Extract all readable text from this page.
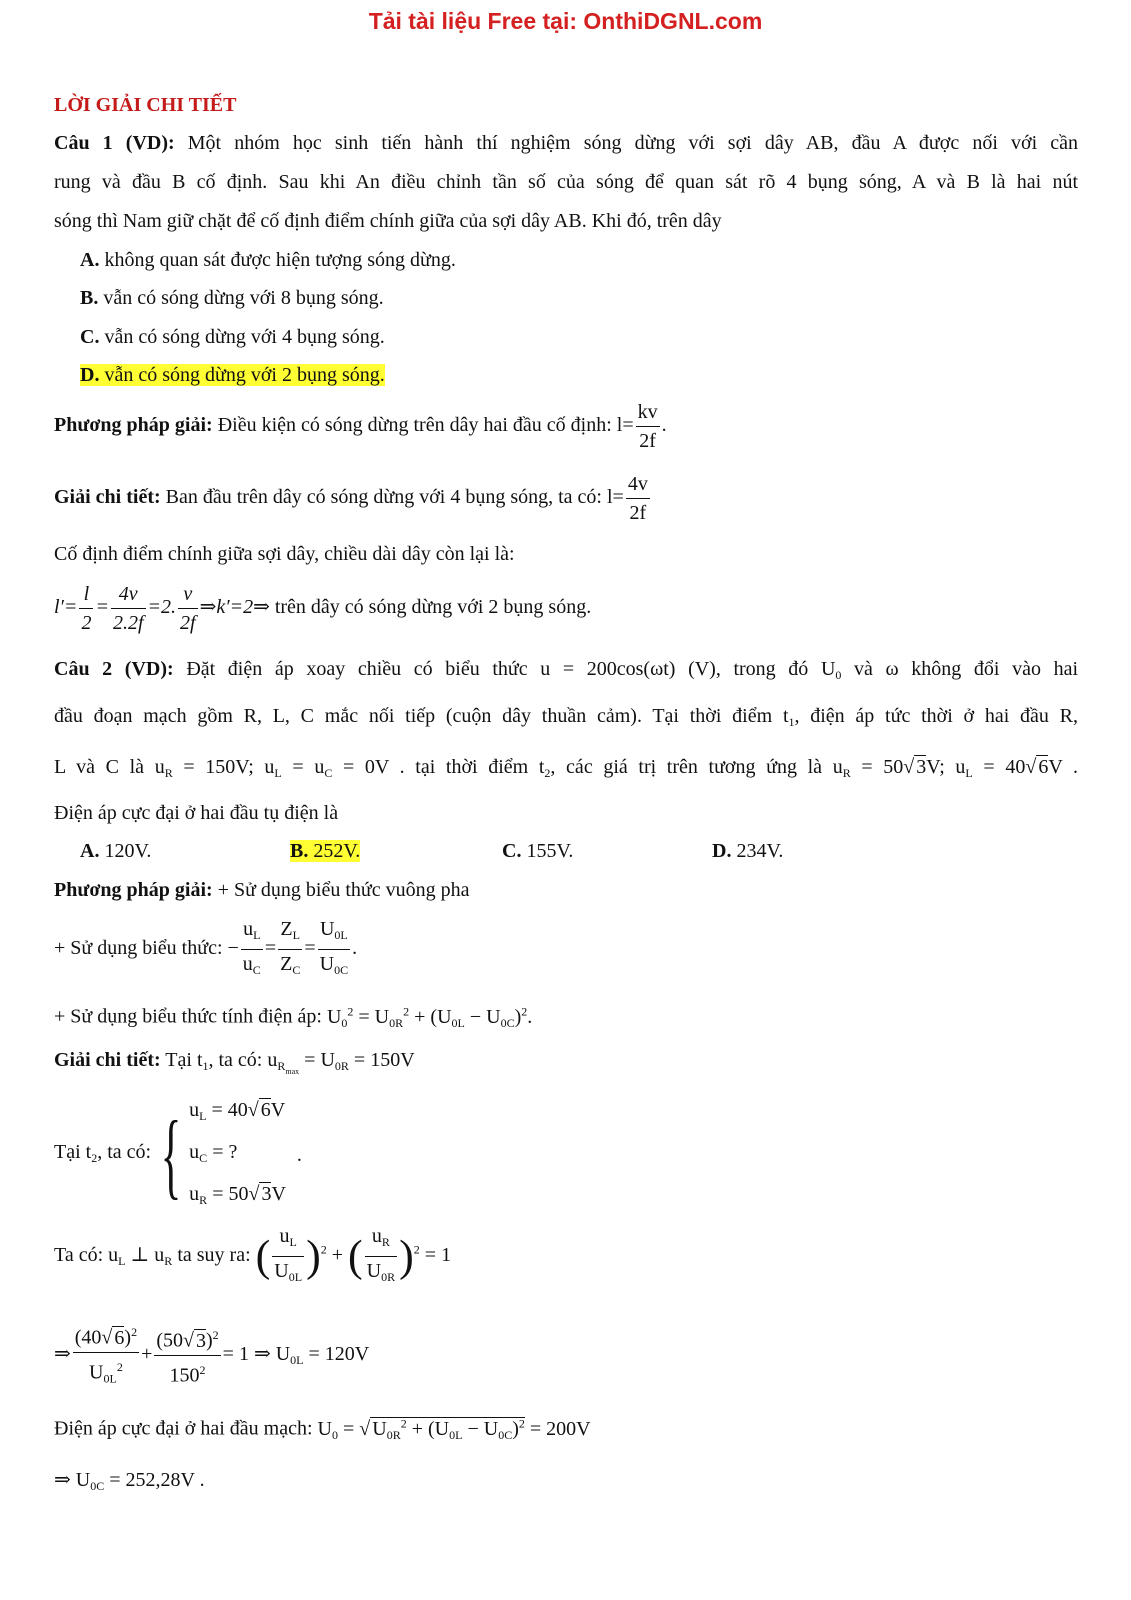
Tải tài liệu Free tại: OnthiDGNL.com
LỜI GIẢI CHI TIẾT
Câu 1 (VD): Một nhóm học sinh tiến hành thí nghiệm sóng dừng với sợi dây AB, đầu A được nối với cần
rung và đầu B cố định. Sau khi An điều chỉnh tần số của sóng để quan sát rõ 4 bụng sóng, A và B là hai nút
sóng thì Nam giữ chặt để cố định điểm chính giữa của sợi dây AB. Khi đó, trên dây
A. không quan sát được hiện tượng sóng dừng.
B. vẫn có sóng dừng với 8 bụng sóng.
C. vẫn có sóng dừng với 4 bụng sóng.
D. vẫn có sóng dừng với 2 bụng sóng.
Phương pháp giải: Điều kiện có sóng dừng trên dây hai đầu cố định: $l= \frac{kv}{2f}$ .
Giải chi tiết: Ban đầu trên dây có sóng dừng với 4 bụng sóng, ta có: $l= \frac{4v}{2f}$
Cố định điểm chính giữa sợi dây, chiều dài dây còn lại là:
$l'= \frac{l}{2} = \frac{4v}{2.2f} =2$. $\frac{v}{2f}$ ⇒k′=2⇒ trên dây có sóng dừng với 2 bụng sóng.
Câu 2 (VD): Đặt điện áp xoay chiều có biểu thức u = 200cos(ωt) (V), trong đó $U_0$ và ω không đổi vào hai
đầu đoạn mạch gồm R, L, C mắc nối tiếp (cuộn dây thuần cảm). Tại thời điểm $t_1$, điện áp tức thời ở hai đầu R,
L và C là $u_R = 150V$; $u_L = u_C = 0V$ . tại thời điểm $t_2$, các giá trị trên tương ứng là $u_R = 50√$ 3V; $u_L = 40√$ 6V .
Điện áp cực đại ở hai đầu tụ điện là
A. 120V.	B. 252V.	C. 155V.	D. 234V.
Phương pháp giải: + Sử dụng biểu thức vuông pha
+ Sử dụng biểu thức: − $\frac{u_L}{u_C} = \frac{Z_L}{Z_C} = \frac{U_{0L}}{U_{0C}}$ .
+ Sử dụng biểu thức tính điện áp: $U_0^2 = U_{0R}^2 + (U_{0L} - U_{0C})^2$.
Giải chi tiết: Tại $t_1$, ta có: $u_{R_{max}} = U_{0R} = 150V$
Tại $t_2$, ta có: { $u_L = 40√$ 6V
$u_C$ = ?
$u_R = 50√$ 3V
.
Ta có: $u_L$ ⊥ $u_R$ ta suy ra: ( $\frac{u_L}{U_{0L}} )^2$ + ( $\frac{u_R}{U_{0R}} )^2 = 1$
⇒ $\frac{(40√ 6)^2}{U_{0L}^2} + \frac{(50√ 3)^2}{150^2} = 1$ ⇒ $U_{0L} = 120V$
Điện áp cực đại ở hai đầu mạch: $U_0$ = √ $U_{0R}^2 + (U_{0L} - U_{0C})^2 = 200V$
⇒ $U_{0C} = 252,28V$ .
